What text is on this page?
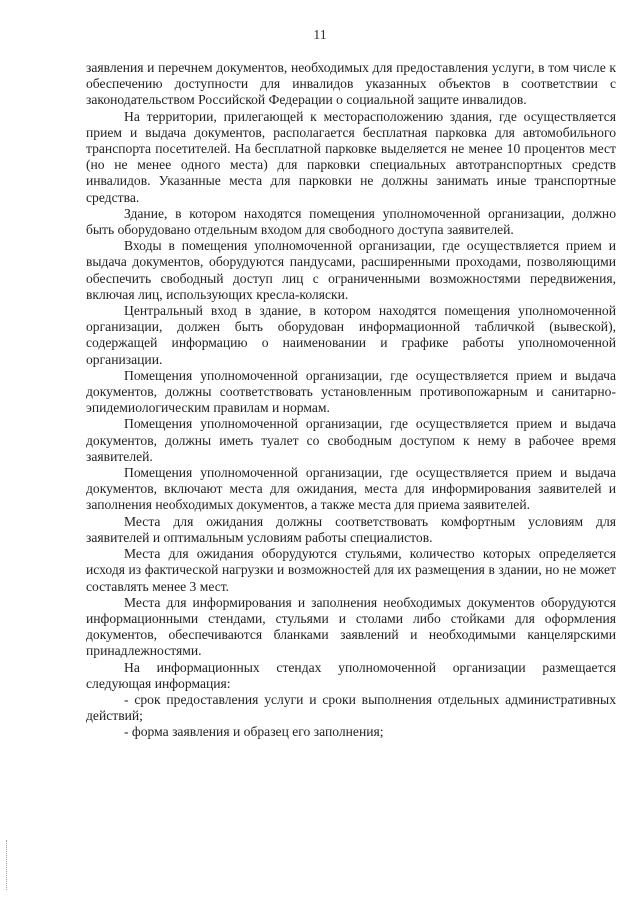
11

заявления и перечнем документов, необходимых для предоставления услуги, в том числе к обеспечению доступности для инвалидов указанных объектов в соответствии с законодательством Российской Федерации о социальной защите инвалидов.

На территории, прилегающей к месторасположению здания, где осуществляется прием и выдача документов, располагается бесплатная парковка для автомобильного транспорта посетителей. На бесплатной парковке выделяется не менее 10 процентов мест (но не менее одного места) для парковки специальных автотранспортных средств инвалидов. Указанные места для парковки не должны занимать иные транспортные средства.

Здание, в котором находятся помещения уполномоченной организации, должно быть оборудовано отдельным входом для свободного доступа заявителей.

Входы в помещения уполномоченной организации, где осуществляется прием и выдача документов, оборудуются пандусами, расширенными проходами, позволяющими обеспечить свободный доступ лиц с ограниченными возможностями передвижения, включая лиц, использующих кресла-коляски.

Центральный вход в здание, в котором находятся помещения уполномоченной организации, должен быть оборудован информационной табличкой (вывеской), содержащей информацию о наименовании и графике работы уполномоченной организации.

Помещения уполномоченной организации, где осуществляется прием и выдача документов, должны соответствовать установленным противопожарным и санитарно-эпидемиологическим правилам и нормам.

Помещения уполномоченной организации, где осуществляется прием и выдача документов, должны иметь туалет со свободным доступом к нему в рабочее время заявителей.

Помещения уполномоченной организации, где осуществляется прием и выдача документов, включают места для ожидания, места для информирования заявителей и заполнения необходимых документов, а также места для приема заявителей.

Места для ожидания должны соответствовать комфортным условиям для заявителей и оптимальным условиям работы специалистов.

Места для ожидания оборудуются стульями, количество которых определяется исходя из фактической нагрузки и возможностей для их размещения в здании, но не может составлять менее 3 мест.

Места для информирования и заполнения необходимых документов оборудуются информационными стендами, стульями и столами либо стойками для оформления документов, обеспечиваются бланками заявлений и необходимыми канцелярскими принадлежностями.

На информационных стендах уполномоченной организации размещается следующая информация:

- срок предоставления услуги и сроки выполнения отдельных административных действий;

- форма заявления и образец его заполнения;
